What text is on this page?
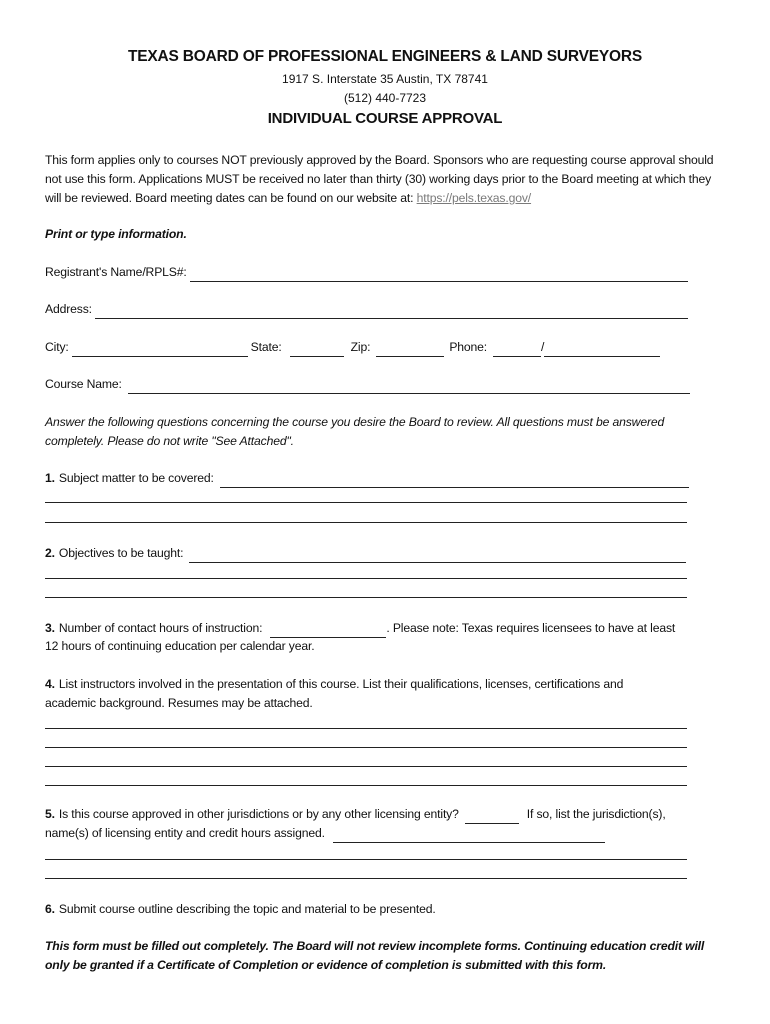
TEXAS BOARD OF PROFESSIONAL ENGINEERS & LAND SURVEYORS
1917 S. Interstate 35 Austin, TX 78741
(512) 440-7723
INDIVIDUAL COURSE APPROVAL
This form applies only to courses NOT previously approved by the Board. Sponsors who are requesting course approval should not use this form. Applications MUST be received no later than thirty (30) working days prior to the Board meeting at which they will be reviewed. Board meeting dates can be found on our website at: https://pels.texas.gov/
Print or type information.
Registrant's Name/RPLS#:
Address:
City:	State:	Zip:	Phone:	/
Course Name:
Answer the following questions concerning the course you desire the Board to review. All questions must be answered completely. Please do not write "See Attached".
1. Subject matter to be covered:
2. Objectives to be taught:
3. Number of contact hours of instruction:	. Please note: Texas requires licensees to have at least
12 hours of continuing education per calendar year.
4. List instructors involved in the presentation of this course. List their qualifications, licenses, certifications and
academic background. Resumes may be attached.
5. Is this course approved in other jurisdictions or by any other licensing entity?	If so, list the jurisdiction(s),
name(s) of licensing entity and credit hours assigned.
6. Submit course outline describing the topic and material to be presented.
This form must be filled out completely. The Board will not review incomplete forms. Continuing education credit will only be granted if a Certificate of Completion or evidence of completion is submitted with this form.
